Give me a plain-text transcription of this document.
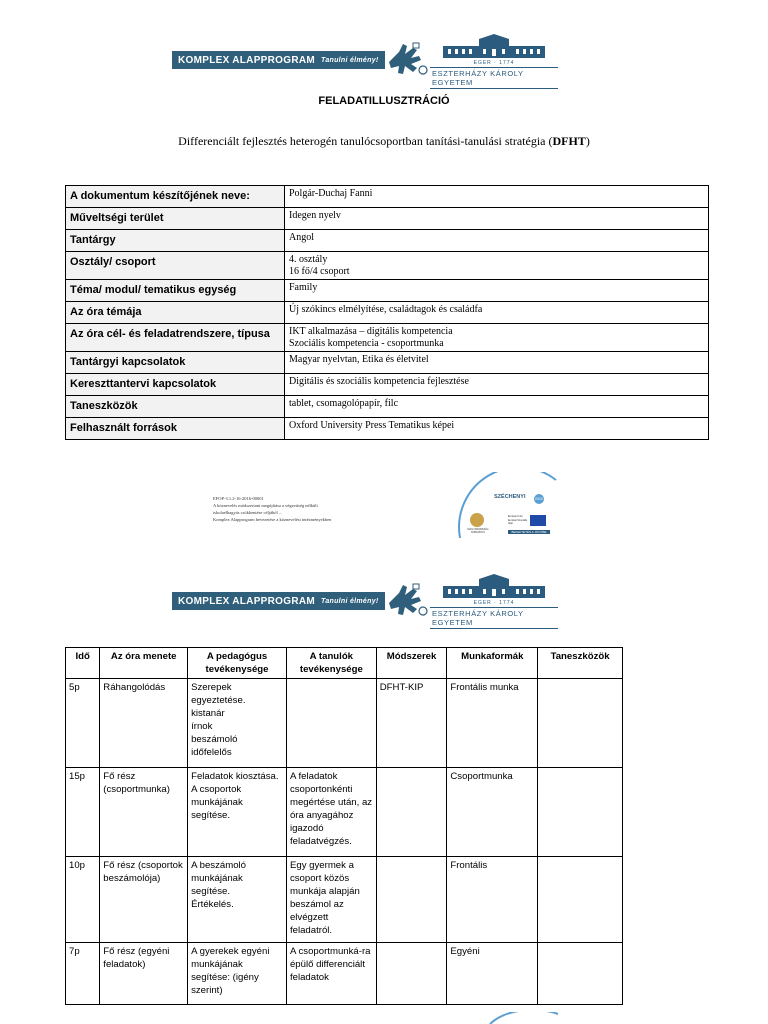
KOMPLEX ALAPPROGRAM Tanulni élmény!	EGER · 1774
ESZTERHÁZY KÁROLY EGYETEM
FELADATILLUSZTRÁCIÓ
Differenciált fejlesztés heterogén tanulócsoportban tanítási-tanulási stratégia (DFHT)
A dokumentum készítőjének neve:	Polgár-Duchaj Fanni
Műveltségi terület	Idegen nyelv
Tantárgy	Angol
Osztály/ csoport	4. osztály
16 fő/4 csoport
Téma/ modul/ tematikus egység	Family
Az óra témája	Új szókincs elmélyítése, családtagok és családfa
Az óra cél- és feladatrendszere, típusa	IKT alkalmazása – digitális kompetencia
Szociális kompetencia - csoportmunka
Tantárgyi kapcsolatok	Magyar nyelvtan, Etika és életvitel
Kereszttantervi kapcsolatok	Digitális és szociális kompetencia fejlesztése
Taneszközök	tablet, csomagolópapír, filc
Felhasznált források	Oxford University Press Tematikus képei
EFOP-3.1.2-16-2016-00001
A köznevelés módszertani megújítása a végzettség nélküli
iskolaelhagyás csökkentése céljából –
Komplex Alapprogram bevezetése a köznevelési intézményekben
SZÉCHENYI	2020
MAGYARORSZÁG KORMÁNYA
Európai Unió Európai Szociális Alap
BEFEKTETÉS A JÖVŐBE
KOMPLEX ALAPPROGRAM Tanulni élmény!	EGER · 1774
ESZTERHÁZY KÁROLY EGYETEM
Idő	Az óra menete	A pedagógus tevékenysége	A tanulók tevékenysége	Módszerek	Munkaformák	Taneszközök
5p	Ráhangolódás	Szerepek egyeztetése.
kistanár
írnok
beszámoló
időfelelős		DFHT-KIP	Frontális munka	
15p	Fő rész (csoportmunka)	Feladatok kiosztása.
A csoportok munkájának segítése.	A feladatok csoportonkénti megértése után, az óra anyagához igazodó feladatvégzés.		Csoportmunka	
10p	Fő rész (csoportok beszámolója)	A beszámoló munkájának segítése.
Értékelés.	Egy gyermek a csoport közös munkája alapján beszámol az elvégzett feladatról.		Frontális	
7p	Fő rész (egyéni feladatok)	A gyerekek egyéni munkájának segítése: (igény szerint)	A csoportmunká-ra épülő differenciált feladatok		Egyéni	
